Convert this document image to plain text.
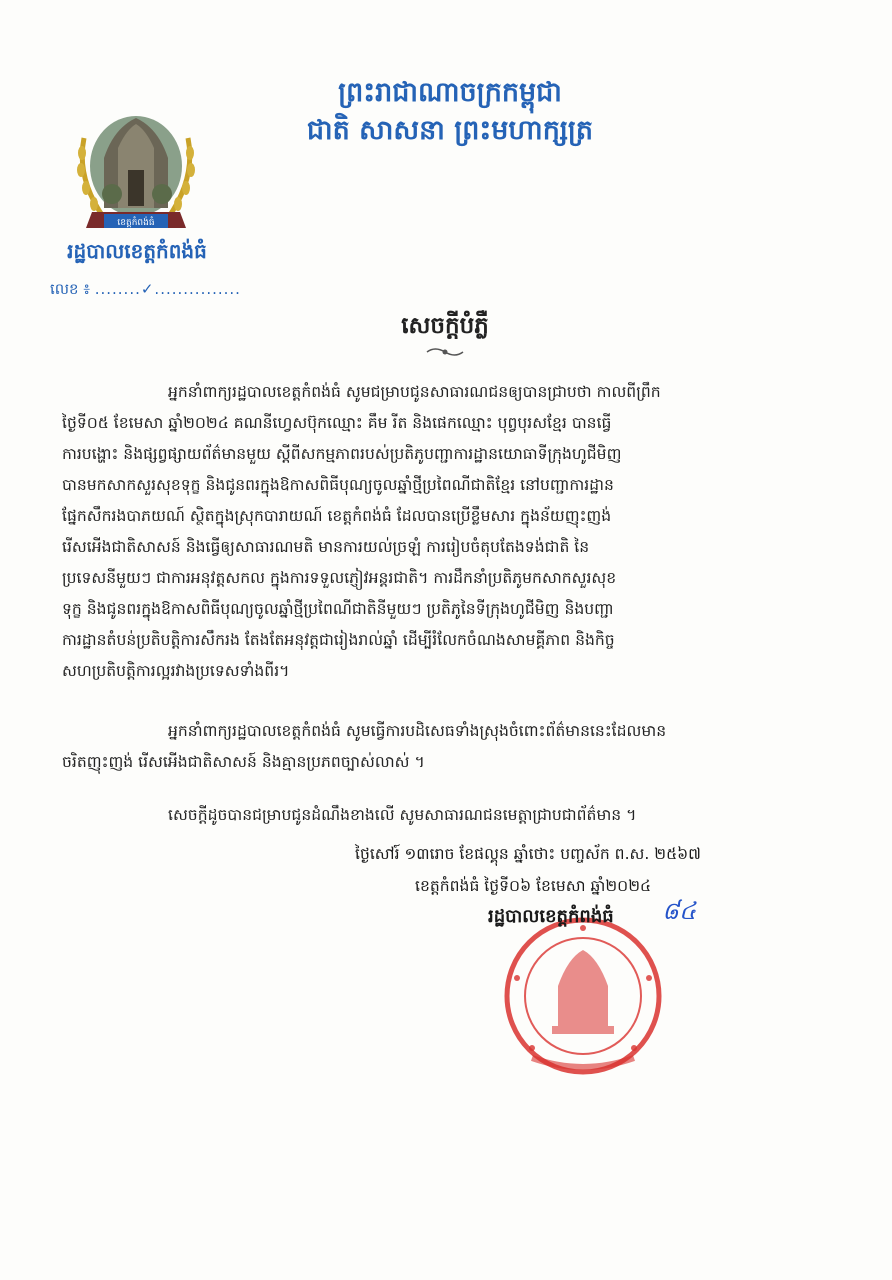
ព្រះរាជាណាចក្រកម្ពុជា
ជាតិ សាសនា ព្រះមហាក្សត្រ
ខេត្តកំពង់ធំ
រដ្ឋបាលខេត្តកំពង់ធំ
លេខ ៖ ........✓...............
សេចក្តីបំភ្លឺ
អ្នកនាំពាក្យរដ្ឋបាលខេត្តកំពង់ធំ សូមជម្រាបជូនសាធារណជនឲ្យបានជ្រាបថា កាលពីព្រឹក
ថ្ងៃទី០៥ ខែមេសា ឆ្នាំ២០២៤ គណនីហ្វេសប៊ុកឈ្មោះ គឹម រីត និងផេកឈ្មោះ បុព្វបុរសខ្មែរ បានធ្វើ
ការបង្ហោះ និងផ្សព្វផ្សាយព័ត៌មានមួយ ស្តីពីសកម្មភាពរបស់ប្រតិភូបញ្ជាការដ្ឋានយោធាទីក្រុងហូជីមិញ
បានមកសាកសួរសុខទុក្ខ និងជូនពរក្នុងឱកាសពិធីបុណ្យចូលឆ្នាំថ្មីប្រពៃណីជាតិខ្មែរ នៅបញ្ជាការដ្ឋាន
ផ្នែកសឹករងបាភយណ៍ ស្ថិតក្នុងស្រុកបារាយណ៍ ខេត្តកំពង់ធំ ដែលបានប្រើខ្លឹមសារ ក្នុងន័យញុះញង់
រើសអើងជាតិសាសន៍ និងធ្វើឲ្យសាធារណមតិ មានការយល់ច្រឡំ ការរៀបចំតុបតែងទង់ជាតិ នៃ
ប្រទេសនីមួយៗ ជាការអនុវត្តសកល ក្នុងការទទួលភ្ញៀវអន្តរជាតិ។ ការដឹកនាំប្រតិភូមកសាកសួរសុខ
ទុក្ខ និងជូនពរក្នុងឱកាសពិធីបុណ្យចូលឆ្នាំថ្មីប្រពៃណីជាតិនីមួយៗ ប្រតិភូនៃទីក្រុងហូជីមិញ និងបញ្ជា
ការដ្ឋានតំបន់ប្រតិបត្តិការសឹករង តែងតែអនុវត្តជារៀងរាល់ឆ្នាំ ដើម្បីរំលែកចំណងសាមគ្គីភាព និងកិច្ច
សហប្រតិបត្តិការល្អរវាងប្រទេសទាំងពីរ។
អ្នកនាំពាក្យរដ្ឋបាលខេត្តកំពង់ធំ សូមធ្វើការបដិសេធទាំងស្រុងចំពោះព័ត៌មាននេះដែលមាន
ចរិតញុះញង់ រើសអើងជាតិសាសន៍ និងគ្មានប្រភពច្បាស់លាស់ ។
សេចក្តីដូចបានជម្រាបជូនដំណឹងខាងលើ សូមសាធារណជនមេត្តាជ្រាបជាព័ត៌មាន ។
ថ្ងៃសៅរ៍ ១៣រោច ខែផល្គុន ឆ្នាំថោះ បញ្ចស័ក ព.ស. ២៥៦៧
ខេត្តកំពង់ធំ ថ្ងៃទី០៦ ខែមេសា ឆ្នាំ២០២៤
រដ្ឋបាលខេត្តកំពង់ធំ ៨៤
